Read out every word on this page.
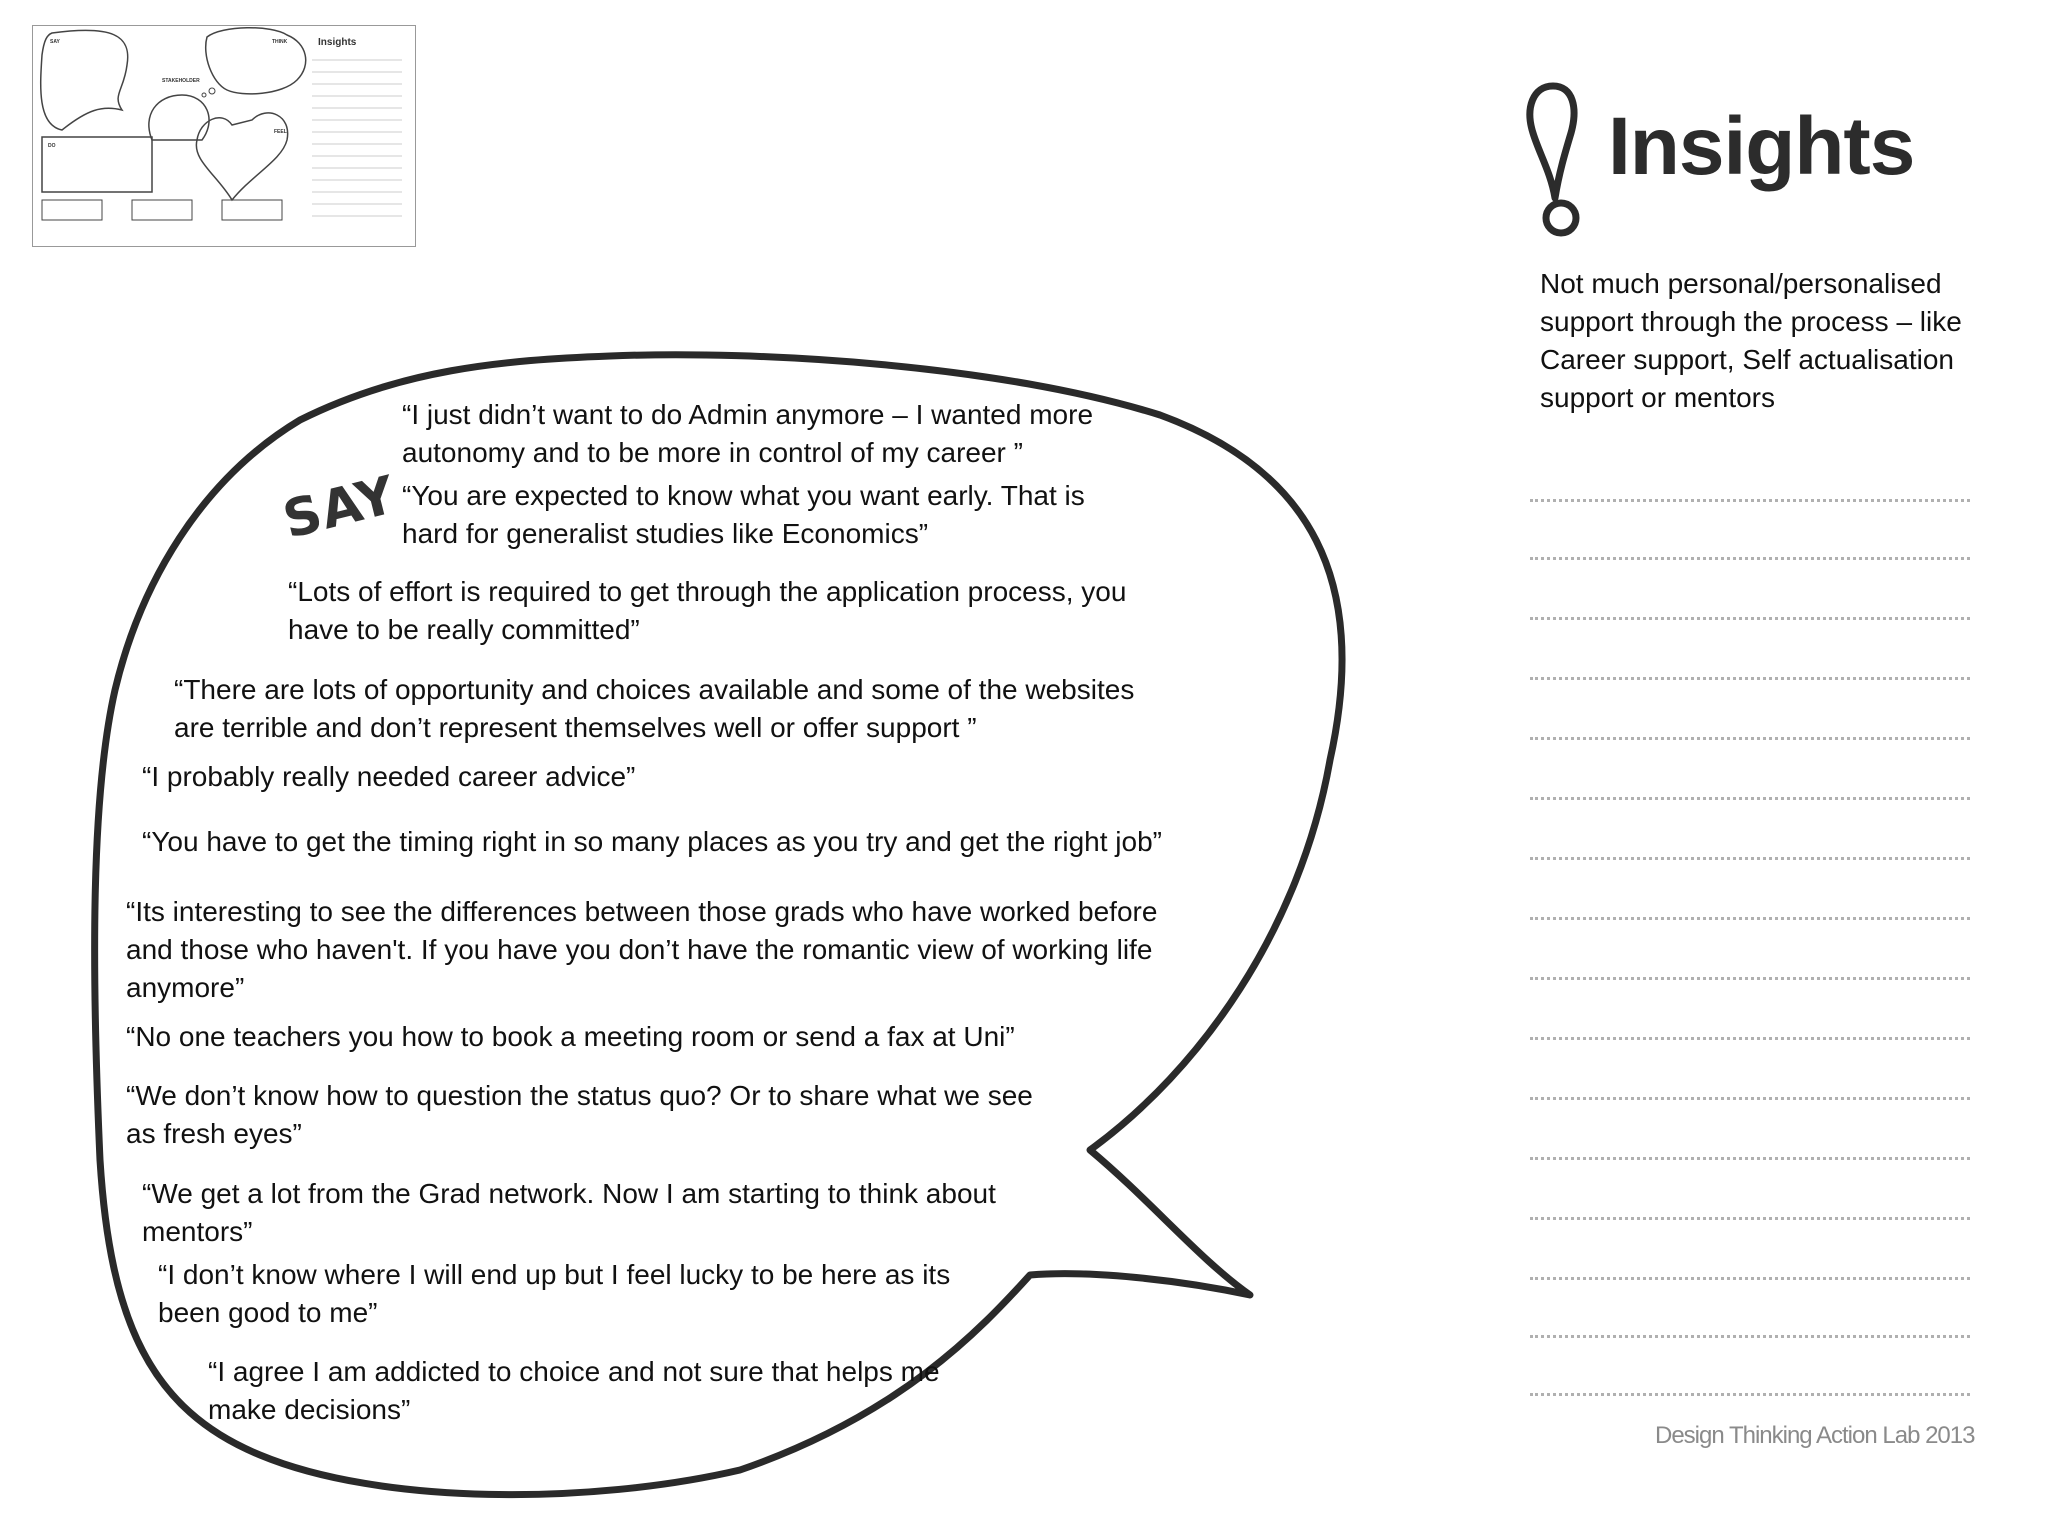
Insights
SAY	THINK
STAKEHOLDER
DO
FEEL
SAY

“I just didn’t want to do Admin anymore – I wanted more
autonomy and to be more in control of my career ”

“You are expected to know what you want early. That is
hard for generalist studies like Economics”

“Lots of effort is required to get through the application process, you
have to be really committed”

“There are lots of opportunity and choices available and some of the websites
are terrible and don’t represent themselves well or offer support ”

“I probably really needed career advice”

“You have to get the timing right in so many places as you try and get the right job”

“Its interesting to see the differences between those grads who have worked before
and those who haven't. If you have you don’t have the romantic view of working life
anymore”

“No one teachers you how to book a meeting room or send a fax at Uni”

“We don’t know how to question the status quo? Or to share what we see
as fresh eyes”

“We get a lot from the Grad network. Now I am starting to think about
mentors”

“I don’t know where I will end up but I feel lucky to be here as its
been good to me”

“I agree I am addicted to choice and not sure that helps me
make decisions”

Insights

Not much personal/personalised support through the process – like Career support, Self actualisation support or mentors

Design Thinking Action Lab 2013
